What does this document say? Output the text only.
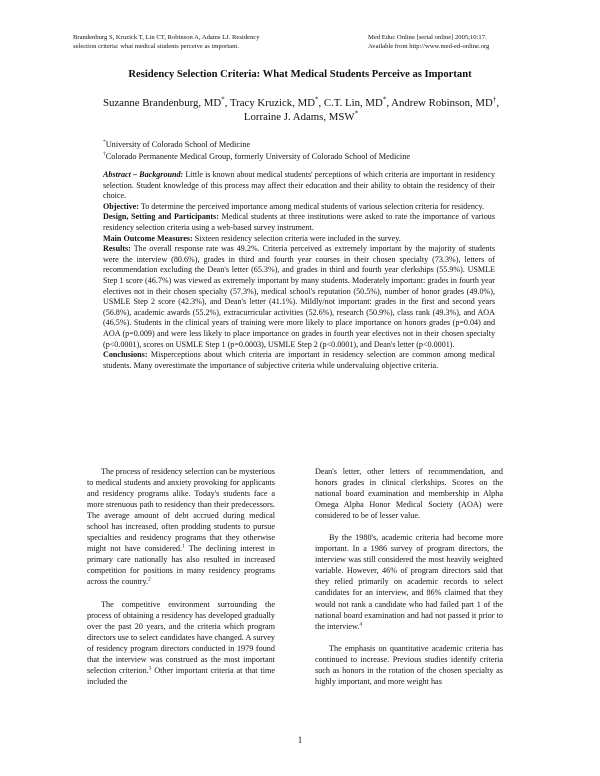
Brandenburg S, Kruzick T, Lin CT, Robinson A, Adams LJ. Residency
selection criteria: what medical students perceive as important.
Med Educ Online [serial online] 2005;10:17.
Available from http://www.med-ed-online.org
Residency Selection Criteria: What Medical Students Perceive as Important
Suzanne Brandenburg, MD*, Tracy Kruzick, MD*, C.T. Lin, MD*, Andrew Robinson, MD†,
Lorraine J. Adams, MSW*
*University of Colorado School of Medicine
†Colorado Permanente Medical Group, formerly University of Colorado School of Medicine

Abstract – Background: Little is known about medical students' perceptions of which criteria are important in residency selection. Student knowledge of this process may affect their education and their ability to obtain the residency of their choice.

Objective: To determine the perceived importance among medical students of various selection criteria for residency.

Design, Setting and Participants: Medical students at three institutions were asked to rate the importance of various residency selection criteria using a web-based survey instrument.

Main Outcome Measures: Sixteen residency selection criteria were included in the survey.

Results: The overall response rate was 49.2%. Criteria perceived as extremely important by the majority of students were the interview (80.6%), grades in third and fourth year courses in their chosen specialty (73.3%), letters of recommendation excluding the Dean's letter (65.3%), and grades in third and fourth year clerkships (55.9%). USMLE Step 1 score (46.7%) was viewed as extremely important by many students. Moderately important: grades in fourth year electives not in their chosen specialty (57.3%), medical school's reputation (50.5%), number of honor grades (49.0%), USMLE Step 2 score (42.3%), and Dean's letter (41.1%). Mildly/not important: grades in the first and second years (56.8%), academic awards (55.2%), extracurricular activities (52.6%), research (50.9%), class rank (49.3%), and AOA (46.5%). Students in the clinical years of training were more likely to place importance on honors grades (p=0.04) and AOA (p=0.009) and were less likely to place importance on grades in fourth year electives not in their chosen specialty (p<0.0001), scores on USMLE Step 1 (p=0.0003), USMLE Step 2 (p<0.0001), and Dean's letter (p<0.0001).

Conclusions: Misperceptions about which criteria are important in residency selection are common among medical students. Many overestimate the importance of subjective criteria while undervaluing objective criteria.

The process of residency selection can be mysterious to medical students and anxiety provoking for applicants and residency programs alike. Today's students face a more strenuous path to residency than their predecessors. The average amount of debt accrued during medical school has increased, often prodding students to pursue specialties and residency programs that they otherwise might not have considered.$^1$ The declining interest in primary care nationally has also resulted in increased competition for positions in many residency programs across the country.$^2$

The competitive environment surrounding the process of obtaining a residency has developed gradually over the past 20 years, and the criteria which program directors use to select candidates have changed. A survey of residency program directors conducted in 1979 found that the interview was construed as the most important selection criterion.$^3$ Other important criteria at that time included the

Dean's letter, other letters of recommendation, and honors grades in clinical clerkships. Scores on the national board examination and membership in Alpha Omega Alpha Honor Medical Society (AOA) were considered to be of lesser value.

By the 1980's, academic criteria had become more important. In a 1986 survey of program directors, the interview was still considered the most heavily weighted variable. However, 46% of program directors said that they relied primarily on academic records to select candidates for an interview, and 86% claimed that they would not rank a candidate who had failed part 1 of the national board examination and had not passed it prior to the interview.$^4$

The emphasis on quantitative academic criteria has continued to increase. Previous studies identify criteria such as honors in the rotation of the chosen specialty as highly important, and more weight has

1
